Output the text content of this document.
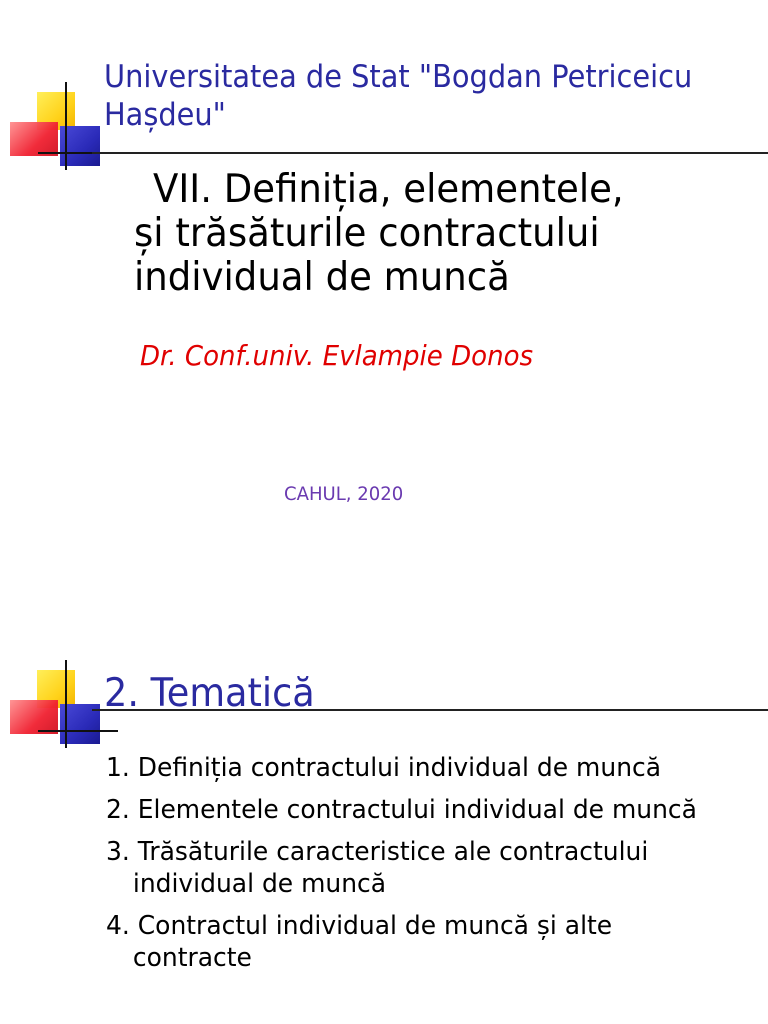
Universitatea de Stat "Bogdan Petriceicu Hașdeu"
VII. Definiția, elementele,
și trăsăturile contractului
individual de muncă

Dr. Conf.univ. Evlampie Donos

CAHUL, 2020

2. Tematică
1. Definiția contractului individual de muncă
2. Elementele contractului individual de muncă
3. Trăsăturile caracteristice ale contractului individual de muncă
4. Contractul individual de muncă și alte contracte
